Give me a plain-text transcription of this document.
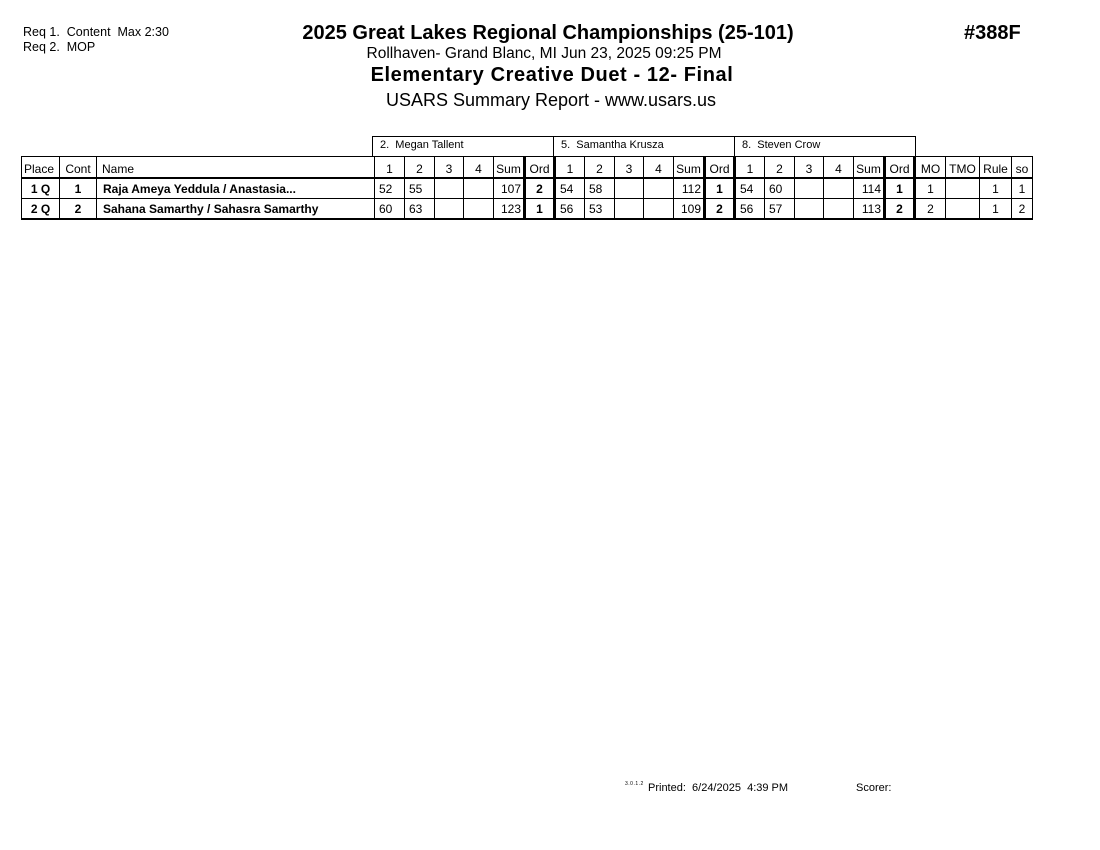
Req 1.  Content  Max 2:30
Req 2.  MOP
2025 Great Lakes Regional Championships (25-101)
Rollhaven- Grand Blanc, MI Jun 23, 2025 09:25 PM
Elementary Creative Duet - 12- Final
USARS Summary Report - www.usars.us
#388F
2.  Megan Tallent	5.  Samantha Krusza	8.  Steven Crow
Place	Cont	Name	1	2	3	4	Sum	Ord	1	2	3	4	Sum	Ord	1	2	3	4	Sum	Ord	MO	TMO	Rule	so
1 Q	1	Raja Ameya Yeddula / Anastasia...	52	55			107	2	54	58			112	1	54	60			114	1	1		1	1
2 Q	2	Sahana Samarthy / Sahasra Samarthy	60	63			123	1	56	53			109	2	56	57			113	2	2		1	2
3.0.1.2 Printed:  6/24/2025  4:39 PM	Scorer:
